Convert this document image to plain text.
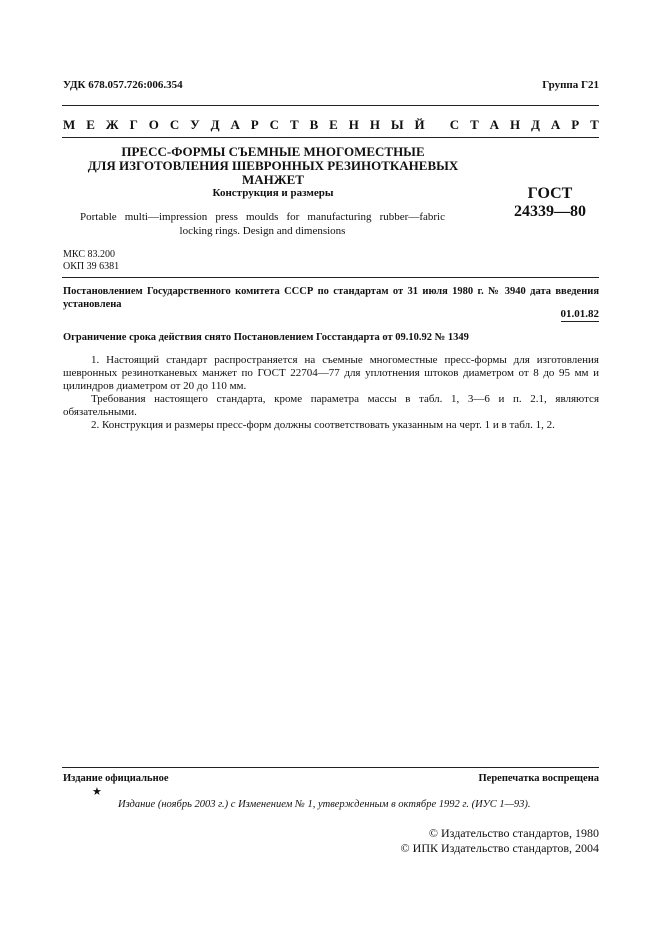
УДК 678.057.726:006.354	Группа Г21
М Е Ж Г О С У Д А Р С Т В Е Н Н Ы Й
С Т А Н Д А Р Т
ПРЕСС-ФОРМЫ СЪЕМНЫЕ МНОГОМЕСТНЫЕ
ДЛЯ ИЗГОТОВЛЕНИЯ ШЕВРОННЫХ РЕЗИНОТКАНЕВЫХ МАНЖЕТ
Конструкция и размеры	ГОСТ
24339—80
Portable multi—impression press moulds for manufacturing rubber—fabric locking rings. Design and dimensions
МКС 83.200
ОКП 39 6381
Постановлением Государственного комитета СССР по стандартам от 31 июля 1980 г. № 3940 дата введения установлена
01.01.82
Ограничение срока действия снято Постановлением Госстандарта от 09.10.92 № 1349

1. Настоящий стандарт распространяется на съемные многоместные пресс-формы для изготовления шевронных резинотканевых манжет по ГОСТ 22704—77 для уплотнения штоков диаметром от 8 до 95 мм и цилиндров диаметром от 20 до 110 мм.

Требования настоящего стандарта, кроме параметра массы в табл. 1, 3—6 и п. 2.1, являются обязательными.

2. Конструкция и размеры пресс-форм должны соответствовать указанным на черт. 1 и в табл. 1, 2.

Издание официальное	Перепечатка воспрещена
★
Издание (ноябрь 2003 г.) с Изменением № 1, утвержденным в октябре 1992 г. (ИУС 1—93).
© Издательство стандартов, 1980
© ИПК Издательство стандартов, 2004
